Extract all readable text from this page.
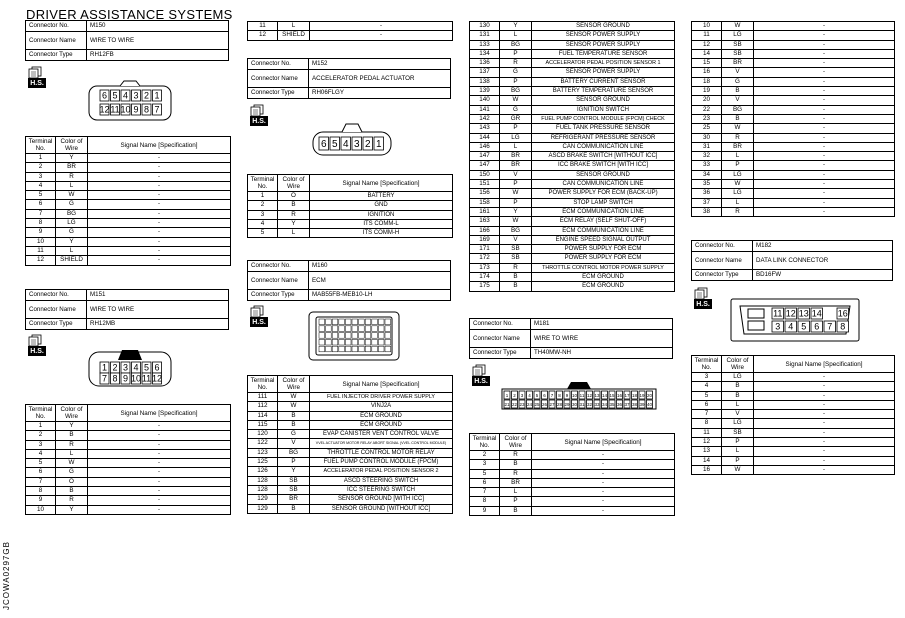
DRIVER ASSISTANCE SYSTEMS
JCOWA0297GB
Connector No.	M150
Connector Name	WIRE TO WIRE
Connector Type	RH12FB
H.S.
6 5 4 3 2 1
12 11 10 9 8 7
Terminal No.	Color of Wire	Signal Name [Specification]
1	Y	-
2	BR	-
3	R	-
4	L	-
5	W	-
6	G	-
7	BG	-
8	LG	-
9	G	-
10	Y	-
11	L	-
12	SHIELD	-
Connector No.	M151
Connector Name	WIRE TO WIRE
Connector Type	RH12MB
H.S.
1 2 3 4 5 6
7 8 9 10 11 12
Terminal No.	Color of Wire	Signal Name [Specification]
1	Y	-
2	B	-
3	R	-
4	L	-
5	W	-
6	G	-
7	O	-
8	B	-
9	R	-
10	Y	-
11	L	-
12	SHIELD	-
Connector No.	M152
Connector Name	ACCELERATOR PEDAL ACTUATOR
Connector Type	RH06FLGY
H.S.
6 5 4 3 2 1
Terminal No.	Color of Wire	Signal Name [Specification]
1	O	BATTERY
2	B	GND
3	R	IGNITION
4	Y	ITS COMM-L
5	L	ITS COMM-H
Connector No.	M160
Connector Name	ECM
Connector Type	MAB55FB-MEB10-LH
H.S.
Terminal No.	Color of Wire	Signal Name [Specification]
111	W	FUEL INJECTOR DRIVER POWER SUPPLY
112	W	VINJ2A
114	B	ECM GROUND
115	B	ECM GROUND
120	G	EVAP CANISTER VENT CONTROL VALVE
122	V	VVEL ACTUATOR MOTOR RELAY ABORT SIGNAL (VVEL CONTROL MODULE)
123	BG	THROTTLE CONTROL MOTOR RELAY
125	P	FUEL PUMP CONTROL MODULE (FPCM)
126	Y	ACCELERATOR PEDAL POSITION SENSOR 2
128	SB	ASCD STEERING SWITCH
128	SB	ICC STEERING SWITCH
129	BR	SENSOR GROUND [WITH ICC]
129	B	SENSOR GROUND [WITHOUT ICC]
130	Y	SENSOR GROUND
131	L	SENSOR POWER SUPPLY
133	BG	SENSOR POWER SUPPLY
134	P	FUEL TEMPERATURE SENSOR
136	R	ACCELERATOR PEDAL POSITION SENSOR 1
137	G	SENSOR POWER SUPPLY
138	P	BATTERY CURRENT SENSOR
139	BG	BATTERY TEMPERATURE SENSOR
140	W	SENSOR GROUND
141	G	IGNITION SWITCH
142	GR	FUEL PUMP CONTROL MODULE (FPCM) CHECK
143	P	FUEL TANK PRESSURE SENSOR
144	LG	REFRIGERANT PRESSURE SENSOR
146	L	CAN COMMUNICATION LINE
147	BR	ASCD BRAKE SWITCH [WITHOUT ICC]
147	BR	ICC BRAKE SWITCH [WITH ICC]
150	V	SENSOR GROUND
151	P	CAN COMMUNICATION LINE
156	W	POWER SUPPLY FOR ECM (BACK-UP)
158	P	STOP LAMP SWITCH
161	Y	ECM COMMUNICATION LINE
163	W	ECM RELAY (SELF SHUT-OFF)
166	BG	ECM COMMUNICATION LINE
169	V	ENGINE SPEED SIGNAL OUTPUT
171	SB	POWER SUPPLY FOR ECM
172	SB	POWER SUPPLY FOR ECM
173	R	THROTTLE CONTROL MOTOR POWER SUPPLY
174	B	ECM GROUND
175	B	ECM GROUND
Connector No.	M181
Connector Name	WIRE TO WIRE
Connector Type	TH40MW-NH
H.S.
1 2 3 4 5 6 7 8 9 10 11 12 13 14 15 16 17 18 19 20
21 22 23 24 25 26 27 28 29 30 31 32 33 34 35 36 37 38 39 40
Terminal No.	Color of Wire	Signal Name [Specification]
2	R	-
3	B	-
5	R	-
6	BR	-
7	L	-
8	P	-
9	B	-
10	W	-
11	LG	-
12	SB	-
14	SB	-
15	BR	-
16	V	-
18	G	-
19	B	-
20	V	-
22	BG	-
23	B	-
25	W	-
30	R	-
31	BR	-
32	L	-
33	P	-
34	LG	-
35	W	-
36	LG	-
37	L	-
38	R	-
Connector No.	M182
Connector Name	DATA LINK CONNECTOR
Connector Type	BD16FW
H.S.
11 12 13 14 16
3 4 5 6 7 8
Terminal No.	Color of Wire	Signal Name [Specification]
3	LG	-
4	B	-
5	B	-
6	L	-
7	V	-
8	LG	-
11	SB	-
12	P	-
13	L	-
14	P	-
16	W	-
